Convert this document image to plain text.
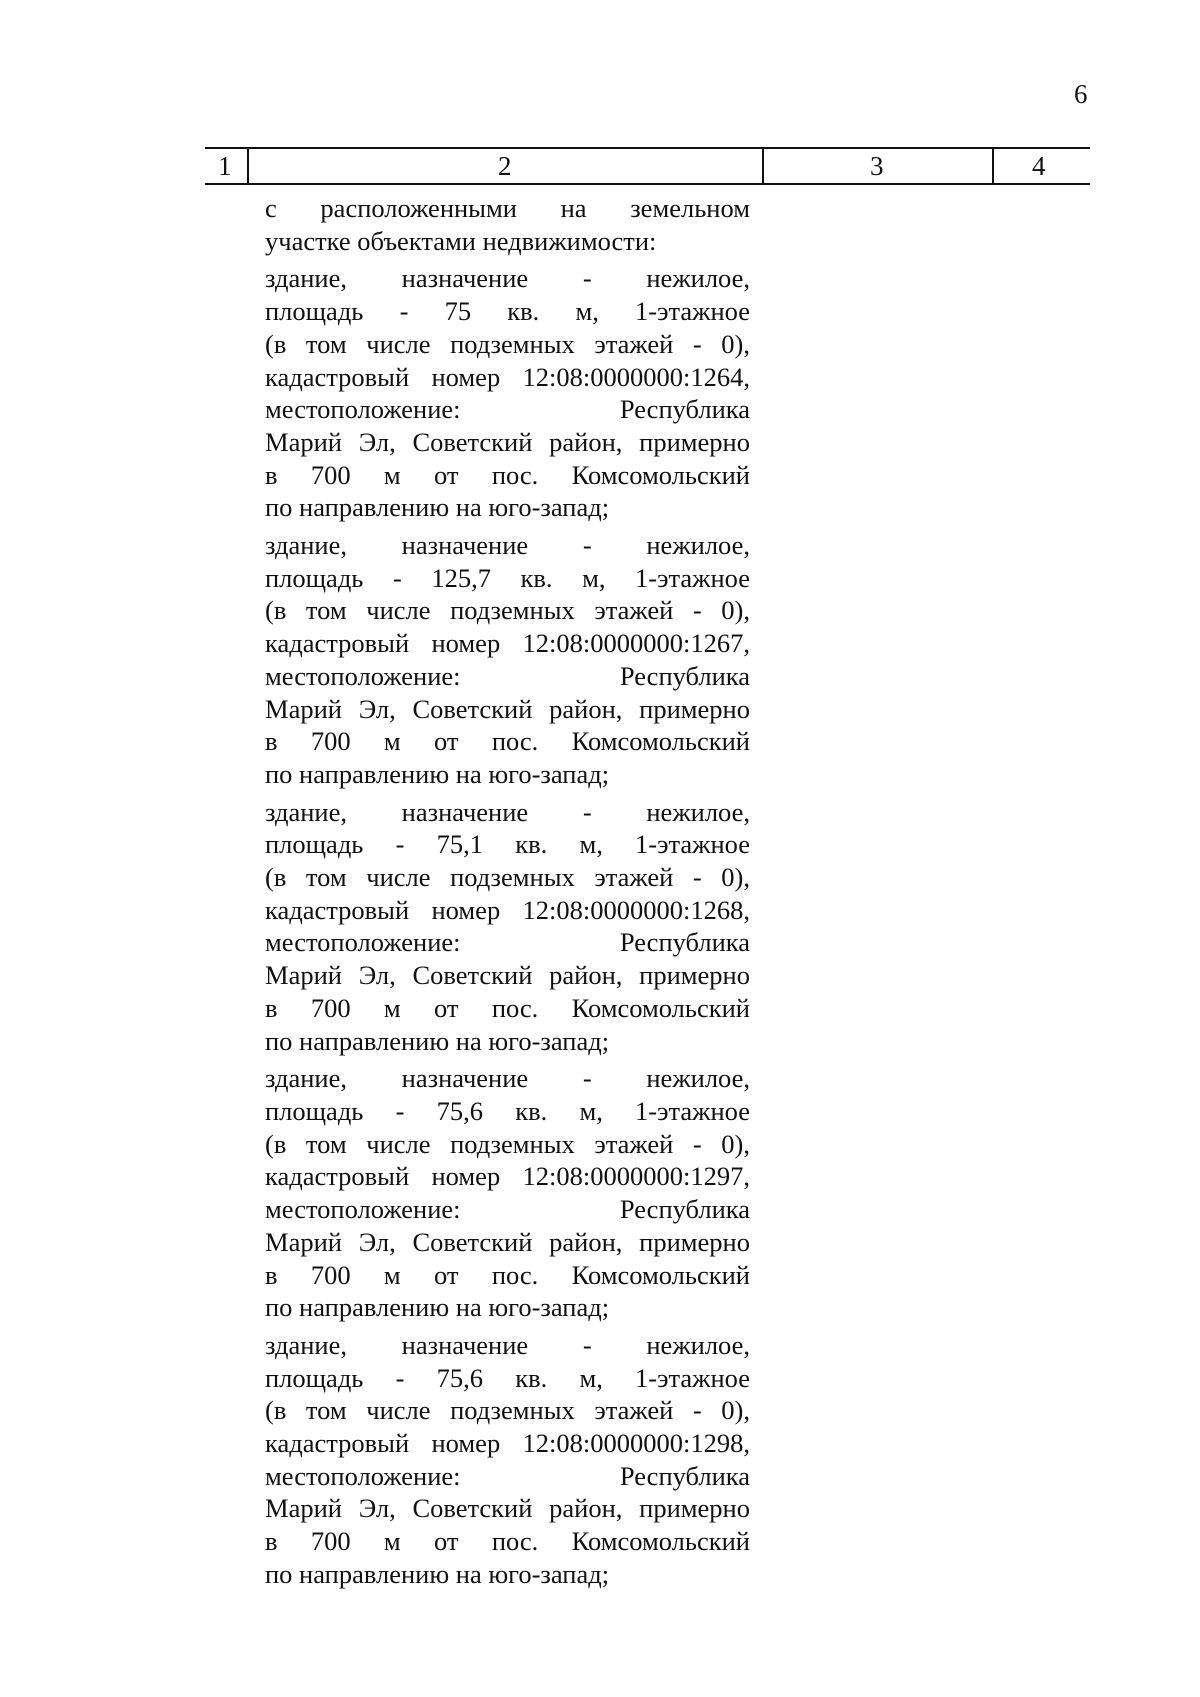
6
1	2	3	4
с расположенными на земельном
участке объектами недвижимости:
здание, назначение - нежилое,
площадь - 75 кв. м, 1-этажное
(в том числе подземных этажей - 0),
кадастровый номер 12:08:0000000:1264,
местоположение: Республика
Марий Эл, Советский район, примерно
в 700 м от пос. Комсомольский
по направлению на юго-запад;
здание, назначение - нежилое,
площадь - 125,7 кв. м, 1-этажное
(в том числе подземных этажей - 0),
кадастровый номер 12:08:0000000:1267,
местоположение: Республика
Марий Эл, Советский район, примерно
в 700 м от пос. Комсомольский
по направлению на юго-запад;
здание, назначение - нежилое,
площадь - 75,1 кв. м, 1-этажное
(в том числе подземных этажей - 0),
кадастровый номер 12:08:0000000:1268,
местоположение: Республика
Марий Эл, Советский район, примерно
в 700 м от пос. Комсомольский
по направлению на юго-запад;
здание, назначение - нежилое,
площадь - 75,6 кв. м, 1-этажное
(в том числе подземных этажей - 0),
кадастровый номер 12:08:0000000:1297,
местоположение: Республика
Марий Эл, Советский район, примерно
в 700 м от пос. Комсомольский
по направлению на юго-запад;
здание, назначение - нежилое,
площадь - 75,6 кв. м, 1-этажное
(в том числе подземных этажей - 0),
кадастровый номер 12:08:0000000:1298,
местоположение: Республика
Марий Эл, Советский район, примерно
в 700 м от пос. Комсомольский
по направлению на юго-запад;
